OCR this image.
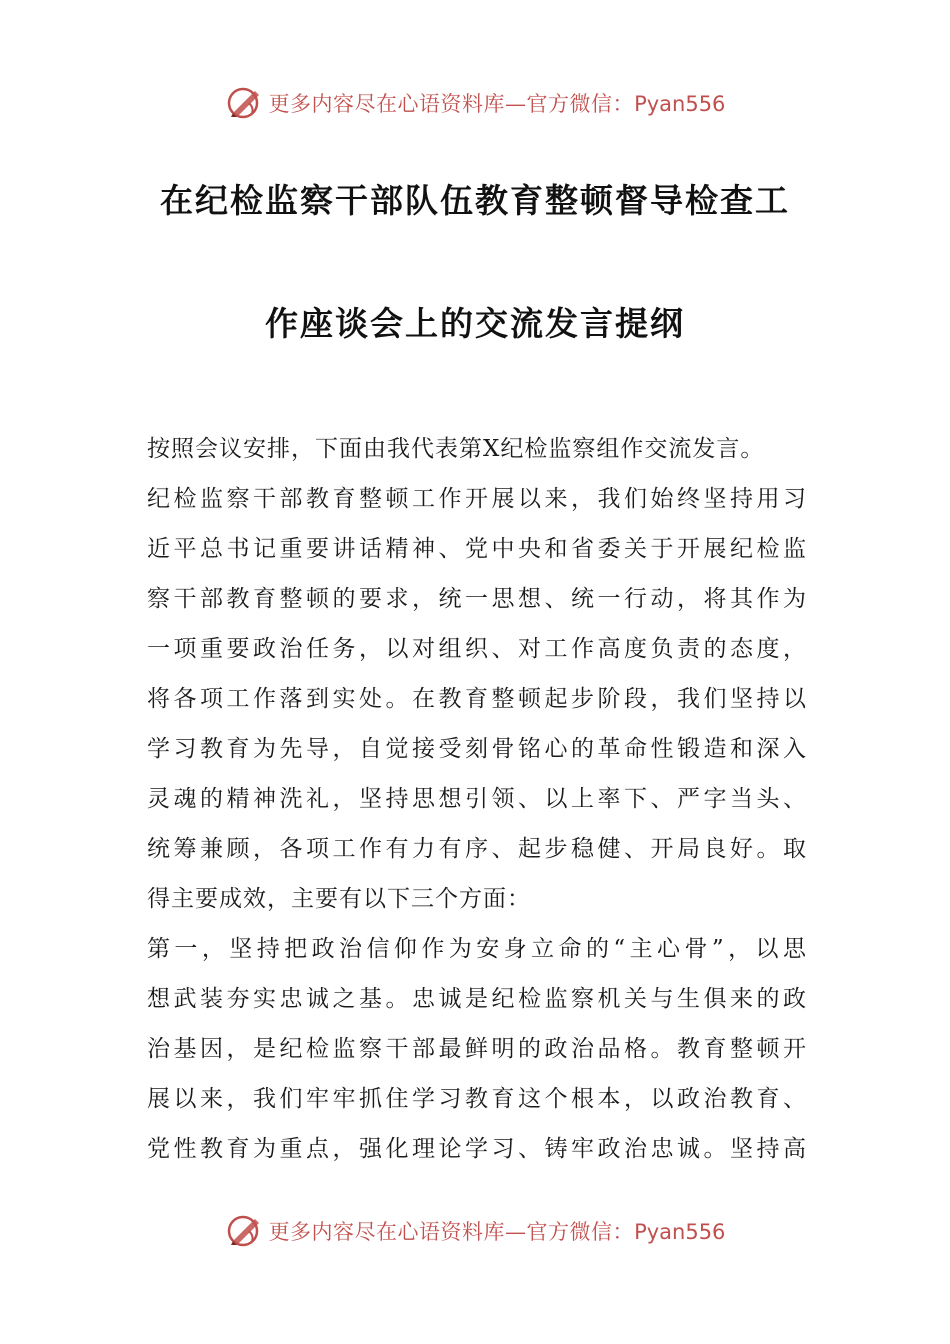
更多内容尽在心语资料库—官方微信：Pyan556
在纪检监察干部队伍教育整顿督导检查工
作座谈会上的交流发言提纲
按照会议安排，下面由我代表第X纪检监察组作交流发言。
纪检监察干部教育整顿工作开展以来，我们始终坚持用习
近平总书记重要讲话精神、党中央和省委关于开展纪检监
察干部教育整顿的要求，统一思想、统一行动，将其作为
一项重要政治任务，以对组织、对工作高度负责的态度，
将各项工作落到实处。在教育整顿起步阶段，我们坚持以
学习教育为先导，自觉接受刻骨铭心的革命性锻造和深入
灵魂的精神洗礼，坚持思想引领、以上率下、严字当头、
统筹兼顾，各项工作有力有序、起步稳健、开局良好。取
得主要成效，主要有以下三个方面：
第一，坚持把政治信仰作为安身立命的“主心骨”，以思
想武装夯实忠诚之基。忠诚是纪检监察机关与生俱来的政
治基因，是纪检监察干部最鲜明的政治品格。教育整顿开
展以来，我们牢牢抓住学习教育这个根本，以政治教育、
党性教育为重点，强化理论学习、铸牢政治忠诚。坚持高
更多内容尽在心语资料库—官方微信：Pyan556
